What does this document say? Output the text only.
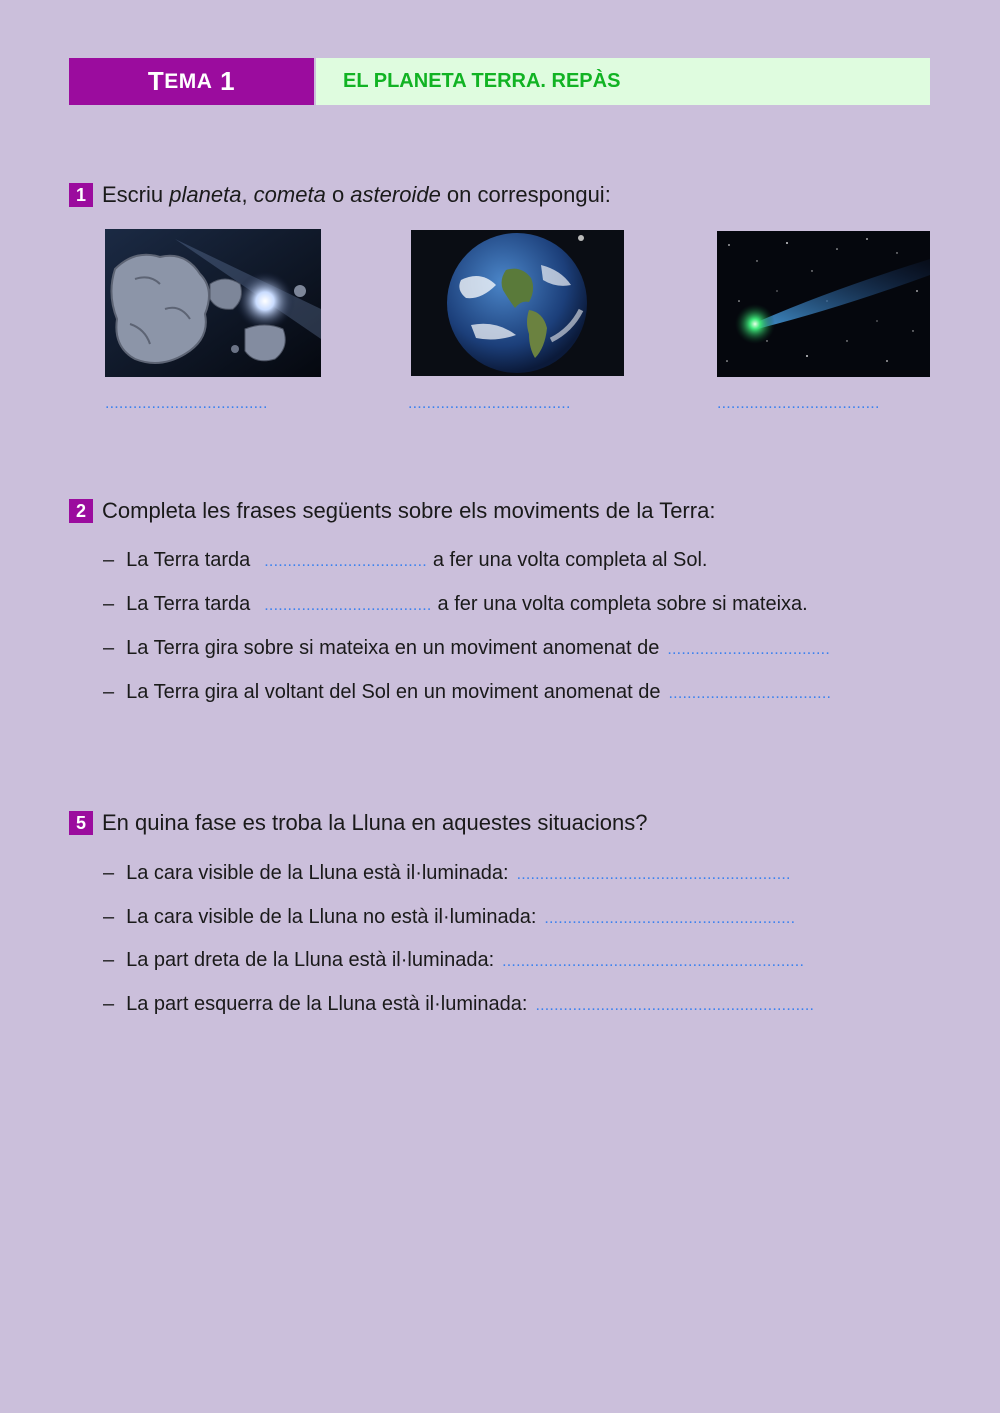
T EMA
1	EL PLANETA TERRA. REPÀS
1 Escriu planeta, cometa o asteroide on correspongui:
...................................	...................................	...................................
2 Completa les frases següents sobre els moviments de la Terra:
– La Terra tarda ................................... a fer una volta completa al Sol.
– La Terra tarda .................................... a fer una volta completa sobre si mateixa.
– La Terra gira sobre si mateixa en un moviment anomenat de ...................................
– La Terra gira al voltant del Sol en un moviment anomenat de ...................................
5 En quina fase es troba la Lluna en aquestes situacions?
– La cara visible de la Lluna està il·luminada: ...........................................................
– La cara visible de la Lluna no està il·luminada: ......................................................
– La part dreta de la Lluna està il·luminada: .................................................................
– La part esquerra de la Lluna està il·luminada: ............................................................
